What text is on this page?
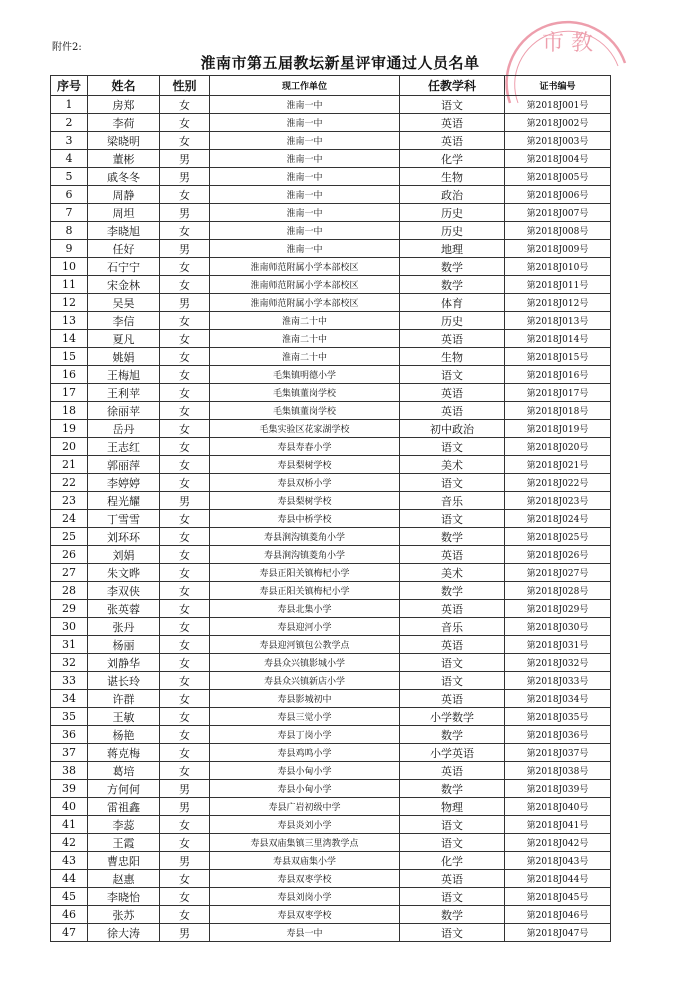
附件2:	市 教
淮南市第五届教坛新星评审通过人员名单
序号	姓名	性别	现工作单位	任教学科	证书编号
1	房郑	女	淮南一中	语文	第2018J001号
2	李荷	女	淮南一中	英语	第2018J002号
3	梁晓明	女	淮南一中	英语	第2018J003号
4	董彬	男	淮南一中	化学	第2018J004号
5	戚冬冬	男	淮南一中	生物	第2018J005号
6	周静	女	淮南一中	政治	第2018J006号
7	周坦	男	淮南一中	历史	第2018J007号
8	李晓旭	女	淮南一中	历史	第2018J008号
9	任好	男	淮南一中	地理	第2018J009号
10	石宁宁	女	淮南师范附属小学本部校区	数学	第2018J010号
11	宋金林	女	淮南师范附属小学本部校区	数学	第2018J011号
12	吴昊	男	淮南师范附属小学本部校区	体育	第2018J012号
13	李信	女	淮南二十中	历史	第2018J013号
14	夏凡	女	淮南二十中	英语	第2018J014号
15	姚娟	女	淮南二十中	生物	第2018J015号
16	王梅旭	女	毛集镇明德小学	语文	第2018J016号
17	王利苹	女	毛集镇董岗学校	英语	第2018J017号
18	徐丽苹	女	毛集镇董岗学校	英语	第2018J018号
19	岳丹	女	毛集实验区花家湖学校	初中政治	第2018J019号
20	王志红	女	寿县寿春小学	语文	第2018J020号
21	郭丽萍	女	寿县梨树学校	美术	第2018J021号
22	李婷婷	女	寿县双桥小学	语文	第2018J022号
23	程光耀	男	寿县梨树学校	音乐	第2018J023号
24	丁雪雪	女	寿县中桥学校	语文	第2018J024号
25	刘环环	女	寿县涧沟镇菱角小学	数学	第2018J025号
26	刘娟	女	寿县涧沟镇菱角小学	英语	第2018J026号
27	朱文晔	女	寿县正阳关镇梅杞小学	美术	第2018J027号
28	李双侠	女	寿县正阳关镇梅杞小学	数学	第2018J028号
29	张英蓉	女	寿县北集小学	英语	第2018J029号
30	张丹	女	寿县迎河小学	音乐	第2018J030号
31	杨丽	女	寿县迎河镇包公教学点	英语	第2018J031号
32	刘静华	女	寿县众兴镇影城小学	语文	第2018J032号
33	谌长玲	女	寿县众兴镇新店小学	语文	第2018J033号
34	许群	女	寿县影城初中	英语	第2018J034号
35	王敏	女	寿县三觉小学	小学数学	第2018J035号
36	杨艳	女	寿县丁岗小学	数学	第2018J036号
37	蒋克梅	女	寿县鸡鸣小学	小学英语	第2018J037号
38	葛培	女	寿县小甸小学	英语	第2018J038号
39	方何何	男	寿县小甸小学	数学	第2018J039号
40	雷祖鑫	男	寿县广岩初级中学	物理	第2018J040号
41	李蕊	女	寿县炎刘小学	语文	第2018J041号
42	王霞	女	寿县双庙集镇三里湾教学点	语文	第2018J042号
43	曹忠阳	男	寿县双庙集小学	化学	第2018J043号
44	赵惠	女	寿县双枣学校	英语	第2018J044号
45	李晓怡	女	寿县刘岗小学	语文	第2018J045号
46	张苏	女	寿县双枣学校	数学	第2018J046号
47	徐大涛	男	寿县一中	语文	第2018J047号
